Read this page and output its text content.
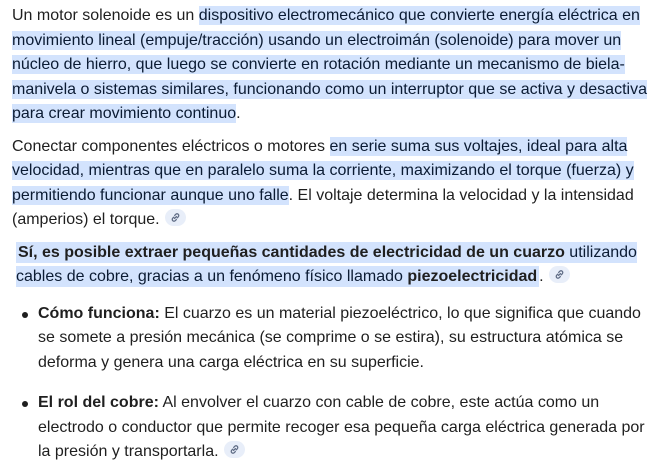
Un motor solenoide es un dispositivo electromecánico que convierte energía eléctrica en movimiento lineal (empuje/tracción) usando un electroimán (solenoide) para mover un núcleo de hierro, que luego se convierte en rotación mediante un mecanismo de biela-manivela o sistemas similares, funcionando como un interruptor que se activa y desactiva para crear movimiento continuo.

Conectar componentes eléctricos o motores en serie suma sus voltajes, ideal para alta velocidad, mientras que en paralelo suma la corriente, maximizando el torque (fuerza) y permitiendo funcionar aunque uno falle. El voltaje determina la velocidad y la intensidad (amperios) el torque.

Sí, es posible extraer pequeñas cantidades de electricidad de un cuarzo utilizando cables de cobre, gracias a un fenómeno físico llamado piezoelectricidad .

Cómo funciona: El cuarzo es un material piezoeléctrico, lo que significa que cuando se somete a presión mecánica (se comprime o se estira), su estructura atómica se deforma y genera una carga eléctrica en su superficie.
El rol del cobre: Al envolver el cuarzo con cable de cobre, este actúa como un electrodo o conductor que permite recoger esa pequeña carga eléctrica generada por la presión y transportarla.
